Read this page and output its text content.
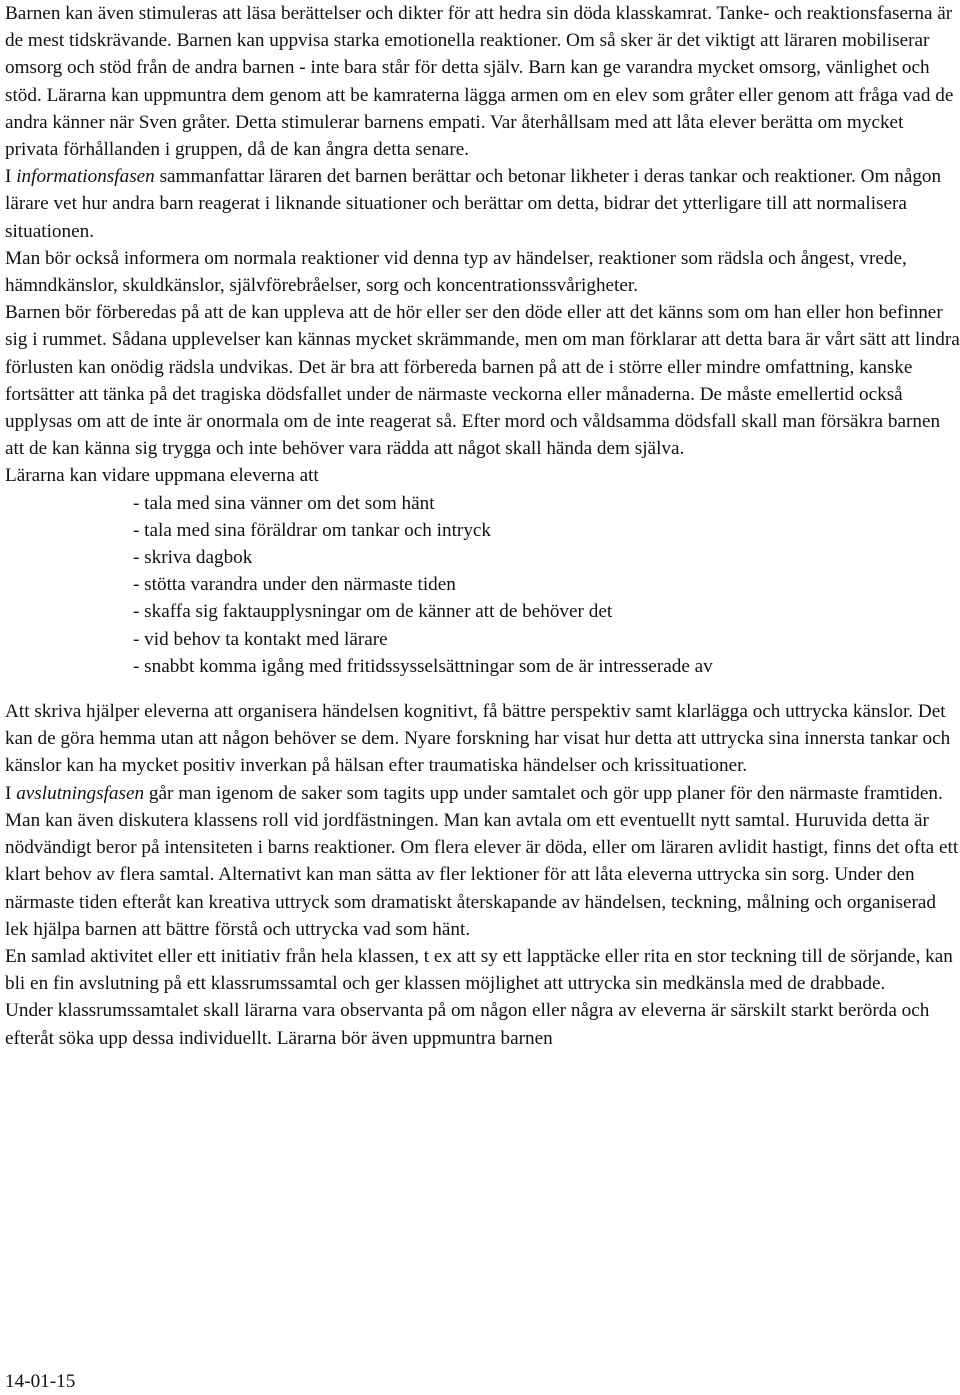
Barnen kan även stimuleras att läsa berättelser och dikter för att hedra sin döda klasskamrat. Tanke- och reaktionsfaserna är de mest tidskrävande. Barnen kan uppvisa starka emotionella reaktioner. Om så sker är det viktigt att läraren mobiliserar omsorg och stöd från de andra barnen - inte bara står för detta själv. Barn kan ge varandra mycket omsorg, vänlighet och stöd. Lärarna kan uppmuntra dem genom att be kamraterna lägga armen om en elev som gråter eller genom att fråga vad de andra känner när Sven gråter. Detta stimulerar barnens empati. Var återhållsam med att låta elever berätta om mycket privata förhållanden i gruppen, då de kan ångra detta senare.

I informationsfasen sammanfattar läraren det barnen berättar och betonar likheter i deras tankar och reaktioner. Om någon lärare vet hur andra barn reagerat i liknande situationer och berättar om detta, bidrar det ytterligare till att normalisera situationen.

Man bör också informera om normala reaktioner vid denna typ av händelser, reaktioner som rädsla och ångest, vrede, hämndkänslor, skuldkänslor, självförebråelser, sorg och koncentrationssvårigheter.

Barnen bör förberedas på att de kan uppleva att de hör eller ser den döde eller att det känns som om han eller hon befinner sig i rummet. Sådana upplevelser kan kännas mycket skrämmande, men om man förklarar att detta bara är vårt sätt att lindra förlusten kan onödig rädsla undvikas. Det är bra att förbereda barnen på att de i större eller mindre omfattning, kanske fortsätter att tänka på det tragiska dödsfallet under de närmaste veckorna eller månaderna. De måste emellertid också upplysas om att de inte är onormala om de inte reagerat så. Efter mord och våldsamma dödsfall skall man försäkra barnen att de kan känna sig trygga och inte behöver vara rädda att något skall hända dem själva.

Lärarna kan vidare uppmana eleverna att

- tala med sina vänner om det som hänt
- tala med sina föräldrar om tankar och intryck
- skriva dagbok
- stötta varandra under den närmaste tiden
- skaffa sig faktaupplysningar om de känner att de behöver det
- vid behov ta kontakt med lärare
- snabbt komma igång med fritidssysselsättningar som de är intresserade av

Att skriva hjälper eleverna att organisera händelsen kognitivt, få bättre perspektiv samt klarlägga och uttrycka känslor. Det kan de göra hemma utan att någon behöver se dem. Nyare forskning har visat hur detta att uttrycka sina innersta tankar och känslor kan ha mycket positiv inverkan på hälsan efter traumatiska händelser och krissituationer.

I avslutningsfasen går man igenom de saker som tagits upp under samtalet och gör upp planer för den närmaste framtiden. Man kan även diskutera klassens roll vid jordfästningen. Man kan avtala om ett eventuellt nytt samtal. Huruvida detta är nödvändigt beror på intensiteten i barns reaktioner. Om flera elever är döda, eller om läraren avlidit hastigt, finns det ofta ett klart behov av flera samtal. Alternativt kan man sätta av fler lektioner för att låta eleverna uttrycka sin sorg. Under den närmaste tiden efteråt kan kreativa uttryck som dramatiskt återskapande av händelsen, teckning, målning och organiserad lek hjälpa barnen att bättre förstå och uttrycka vad som hänt.

En samlad aktivitet eller ett initiativ från hela klassen, t ex att sy ett lapptäcke eller rita en stor teckning till de sörjande, kan bli en fin avslutning på ett klassrumssamtal och ger klassen möjlighet att uttrycka sin medkänsla med de drabbade.

Under klassrumssamtalet skall lärarna vara observanta på om någon eller några av eleverna är särskilt starkt berörda och efteråt söka upp dessa individuellt. Lärarna bör även uppmuntra barnen

14-01-15
